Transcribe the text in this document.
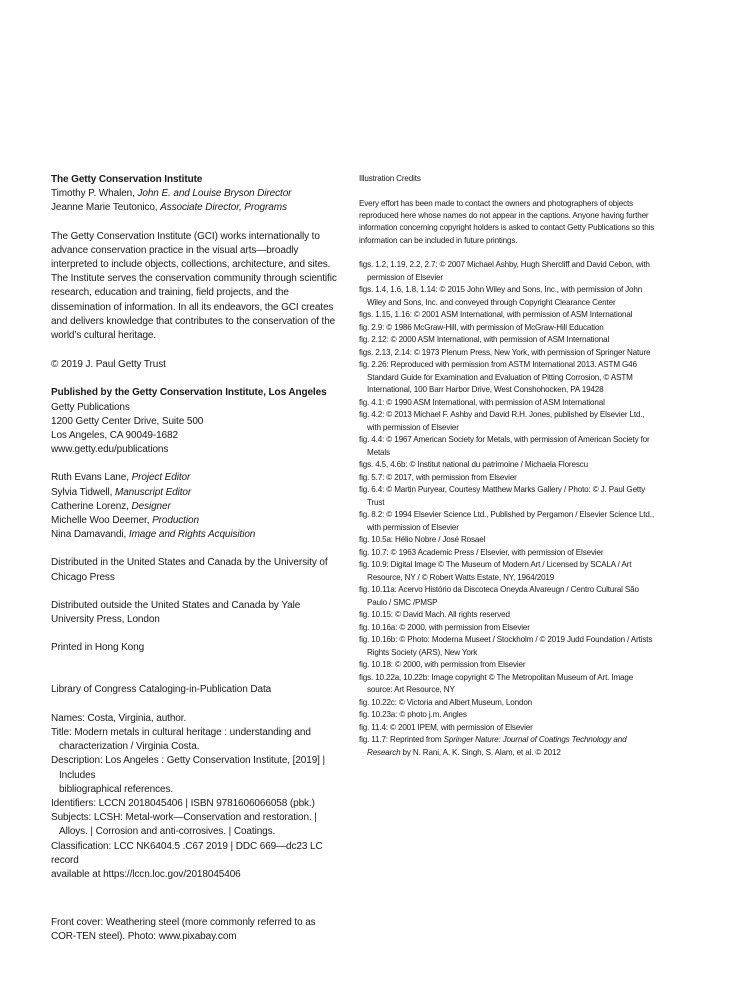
The Getty Conservation Institute

Timothy P. Whalen, John E. and Louise Bryson Director

Jeanne Marie Teutonico, Associate Director, Programs

The Getty Conservation Institute (GCI) works internationally to advance conservation practice in the visual arts—broadly interpreted to include objects, collections, architecture, and sites. The Institute serves the conservation community through scientific research, education and training, field projects, and the dissemination of information. In all its endeavors, the GCI creates and delivers knowledge that contributes to the conservation of the world’s cultural heritage.

© 2019 J. Paul Getty Trust

Published by the Getty Conservation Institute, Los Angeles

Getty Publications

1200 Getty Center Drive, Suite 500

Los Angeles, CA 90049-1682

www.getty.edu/publications

Ruth Evans Lane, Project Editor

Sylvia Tidwell, Manuscript Editor

Catherine Lorenz, Designer

Michelle Woo Deemer, Production

Nina Damavandi, Image and Rights Acquisition

Distributed in the United States and Canada by the University of Chicago Press

Distributed outside the United States and Canada by Yale University Press, London

Printed in Hong Kong

Library of Congress Cataloging-in-Publication Data

Names: Costa, Virginia, author.

Title: Modern metals in cultural heritage : understanding and characterization / Virginia Costa.

Description: Los Angeles : Getty Conservation Institute, [2019] | Includes

bibliographical references.

Identifiers: LCCN 2018045406 | ISBN 9781606066058 (pbk.)

Subjects: LCSH: Metal-work—Conservation and restoration. | Alloys. | Corrosion and anti-corrosives. | Coatings.

Classification: LCC NK6404.5 .C67 2019 | DDC 669—dc23 LC record

available at https://lccn.loc.gov/2018045406

Front cover: Weathering steel (more commonly referred to as COR-TEN steel). Photo: www.pixabay.com

Illustration Credits

Every effort has been made to contact the owners and photographers of objects reproduced here whose names do not appear in the captions. Anyone having further information concerning copyright holders is asked to contact Getty Publications so this information can be included in future printings.

figs. 1.2, 1.19, 2.2, 2.7: © 2007 Michael Ashby, Hugh Shercliff and David Cebon, with permission of Elsevier

figs. 1.4, 1.6, 1.8, 1.14: © 2015 John Wiley and Sons, Inc., with permission of John Wiley and Sons, Inc. and conveyed through Copyright Clearance Center

figs. 1.15, 1.16: © 2001 ASM International, with permission of ASM International

fig. 2.9: © 1986 McGraw-Hill, with permission of McGraw-Hill Education

fig. 2.12: © 2000 ASM International, with permission of ASM International

figs. 2.13, 2.14: © 1973 Plenum Press, New York, with permission of Springer Nature

fig. 2.26: Reproduced with permission from ASTM International 2013. ASTM G46 Standard Guide for Examination and Evaluation of Pitting Corrosion, © ASTM International, 100 Barr Harbor Drive, West Conshohocken, PA 19428

fig. 4.1: © 1990 ASM International, with permission of ASM International

fig. 4.2: © 2013 Michael F. Ashby and David R.H. Jones, published by Elsevier Ltd., with permission of Elsevier

fig. 4.4: © 1967 American Society for Metals, with permission of American Society for Metals

figs. 4.5, 4.6b: © Institut national du patrimoine / Michaela Florescu

fig. 5.7: © 2017, with permission from Elsevier

fig. 6.4: © Martin Puryear, Courtesy Matthew Marks Gallery / Photo: © J. Paul Getty Trust

fig. 8.2: © 1994 Elsevier Science Ltd., Published by Pergamon / Elsevier Science Ltd., with permission of Elsevier

fig. 10.5a: Hélio Nobre / José Rosael

fig. 10.7: © 1963 Academic Press / Elsevier, with permission of Elsevier

fig. 10.9: Digital Image © The Museum of Modern Art / Licensed by SCALA / Art Resource, NY / © Robert Watts Estate, NY, 1964/2019

fig. 10.11a: Acervo Histório da Discoteca Oneyda Alvareugn / Centro Cultural São Paulo / SMC /PMSP

fig. 10.15: © David Mach. All rights reserved

fig. 10.16a: © 2000, with permission from Elsevier

fig. 10.16b: © Photo: Moderna Museet / Stockholm / © 2019 Judd Foundation / Artists Rights Society (ARS), New York

fig. 10.18: © 2000, with permission from Elsevier

figs. 10.22a, 10.22b: Image copyright © The Metropolitan Museum of Art. Image source: Art Resource, NY

fig. 10.22c: © Victoria and Albert Museum, London

fig. 10.23a: © photo j.m. Angles

fig. 11.4: © 2001 IPEM, with permission of Elsevier

fig. 11.7: Reprinted from Springer Nature: Journal of Coatings Technology and Research by N. Rani, A. K. Singh, S. Alam, et al. © 2012
